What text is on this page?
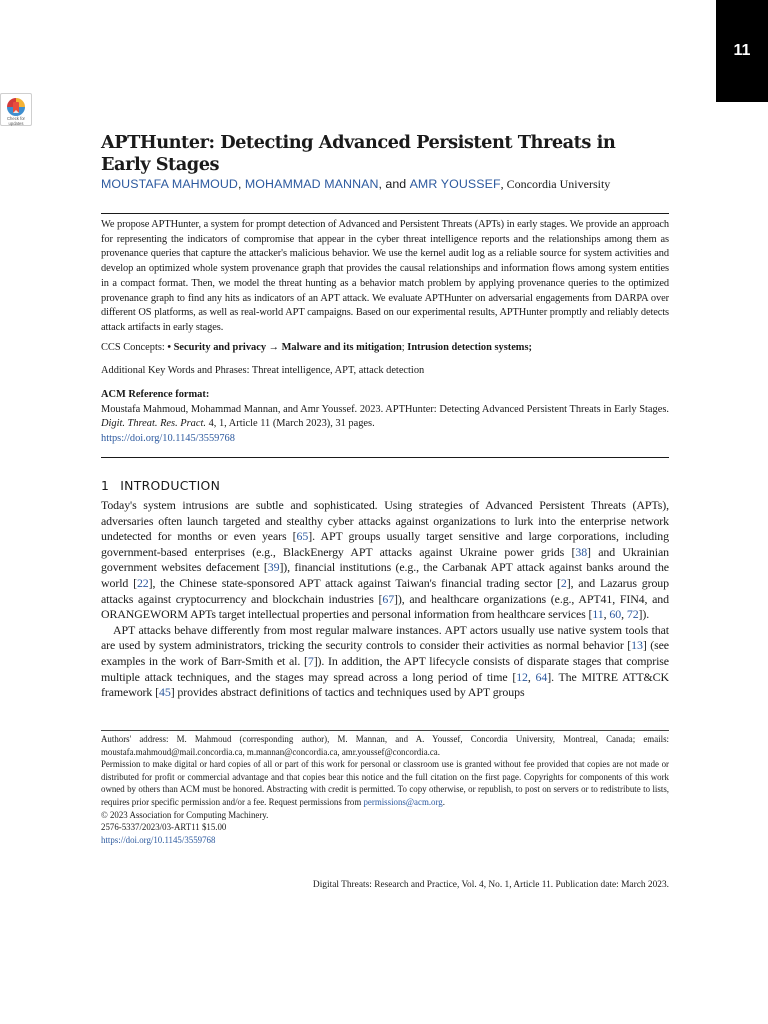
11
Check for
updates
APTHunter: Detecting Advanced Persistent Threats in Early Stages
MOUSTAFA MAHMOUD, MOHAMMAD MANNAN, and AMR YOUSSEF, Concordia University
We propose APTHunter, a system for prompt detection of Advanced and Persistent Threats (APTs) in early stages. We provide an approach for representing the indicators of compromise that appear in the cyber threat intelligence reports and the relationships among them as provenance queries that capture the attacker's malicious behavior. We use the kernel audit log as a reliable source for system activities and develop an optimized whole system provenance graph that provides the causal relationships and information flows among system entities in a compact format. Then, we model the threat hunting as a behavior match problem by applying provenance queries to the optimized provenance graph to find any hits as indicators of an APT attack. We evaluate APTHunter on adversarial engagements from DARPA over different OS platforms, as well as real-world APT campaigns. Based on our experimental results, APTHunter promptly and reliably detects attack artifacts in early stages.
CCS Concepts: • Security and privacy → Malware and its mitigation; Intrusion detection systems;
Additional Key Words and Phrases: Threat intelligence, APT, attack detection
ACM Reference format:
Moustafa Mahmoud, Mohammad Mannan, and Amr Youssef. 2023. APTHunter: Detecting Advanced Persistent Threats in Early Stages. Digit. Threat. Res. Pract. 4, 1, Article 11 (March 2023), 31 pages.
https://doi.org/10.1145/3559768
1 INTRODUCTION

Today's system intrusions are subtle and sophisticated. Using strategies of Advanced Persistent Threats (APTs), adversaries often launch targeted and stealthy cyber attacks against organizations to lurk into the enterprise network undetected for months or even years [65]. APT groups usually target sensitive and large corporations, including government-based enterprises (e.g., BlackEnergy APT attacks against Ukraine power grids [38] and Ukrainian government websites defacement [39]), financial institutions (e.g., the Carbanak APT attack against banks around the world [22], the Chinese state-sponsored APT attack against Taiwan's financial trading sector [2], and Lazarus group attacks against cryptocurrency and blockchain industries [67]), and healthcare organizations (e.g., APT41, FIN4, and ORANGEWORM APTs target intellectual properties and personal information from healthcare services [11, 60, 72]).

APT attacks behave differently from most regular malware instances. APT actors usually use native system tools that are used by system administrators, tricking the security controls to consider their activities as normal behavior [13] (see examples in the work of Barr-Smith et al. [7]). In addition, the APT lifecycle consists of disparate stages that comprise multiple attack techniques, and the stages may spread across a long period of time [12, 64]. The MITRE ATT&CK framework [45] provides abstract definitions of tactics and techniques used by APT groups

Authors' address: M. Mahmoud (corresponding author), M. Mannan, and A. Youssef, Concordia University, Montreal, Canada; emails: moustafa.mahmoud@mail.concordia.ca, m.mannan@concordia.ca, amr.youssef@concordia.ca.

Permission to make digital or hard copies of all or part of this work for personal or classroom use is granted without fee provided that copies are not made or distributed for profit or commercial advantage and that copies bear this notice and the full citation on the first page. Copyrights for components of this work owned by others than ACM must be honored. Abstracting with credit is permitted. To copy otherwise, or republish, to post on servers or to redistribute to lists, requires prior specific permission and/or a fee. Request permissions from permissions@acm.org.

© 2023 Association for Computing Machinery.

2576-5337/2023/03-ART11 $15.00

https://doi.org/10.1145/3559768

Digital Threats: Research and Practice, Vol. 4, No. 1, Article 11. Publication date: March 2023.
